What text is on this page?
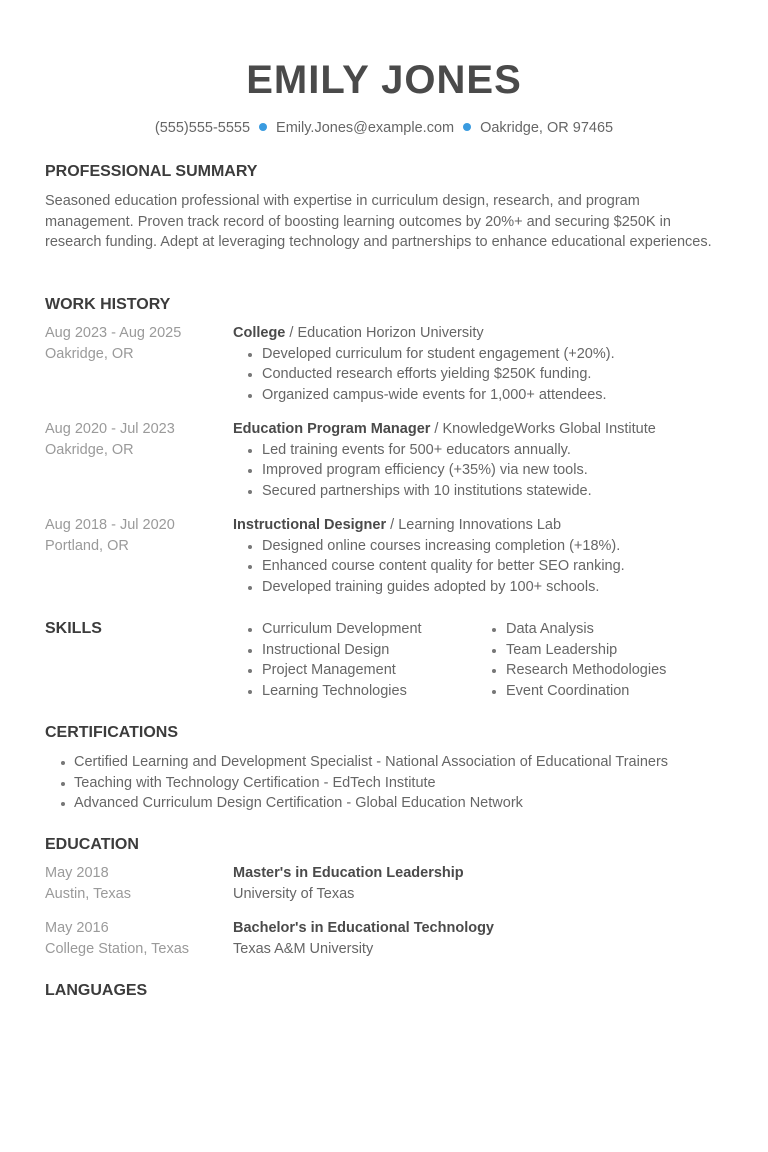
EMILY JONES
(555)555-5555 Emily.Jones@example.com Oakridge, OR 97465
PROFESSIONAL SUMMARY

Seasoned education professional with expertise in curriculum design, research, and program management. Proven track record of boosting learning outcomes by 20%+ and securing $250K in research funding. Adept at leveraging technology and partnerships to enhance educational experiences.

WORK HISTORY
Aug 2023 - Aug 2025
Oakridge, OR
College / Education Horizon University
Developed curriculum for student engagement (+20%).
Conducted research efforts yielding $250K funding.
Organized campus-wide events for 1,000+ attendees.
Aug 2020 - Jul 2023
Oakridge, OR
Education Program Manager / KnowledgeWorks Global Institute
Led training events for 500+ educators annually.
Improved program efficiency (+35%) via new tools.
Secured partnerships with 10 institutions statewide.
Aug 2018 - Jul 2020
Portland, OR
Instructional Designer / Learning Innovations Lab
Designed online courses increasing completion (+18%).
Enhanced course content quality for better SEO ranking.
Developed training guides adopted by 100+ schools.
SKILLS	Curriculum Development
Instructional Design
Project Management
Learning Technologies
Data Analysis
Team Leadership
Research Methodologies
Event Coordination
CERTIFICATIONS
Certified Learning and Development Specialist - National Association of Educational Trainers
Teaching with Technology Certification - EdTech Institute
Advanced Curriculum Design Certification - Global Education Network
EDUCATION
May 2018
Austin, Texas
Master's in Education Leadership
University of Texas
May 2016
College Station, Texas
Bachelor's in Educational Technology
Texas A&M University
LANGUAGES
